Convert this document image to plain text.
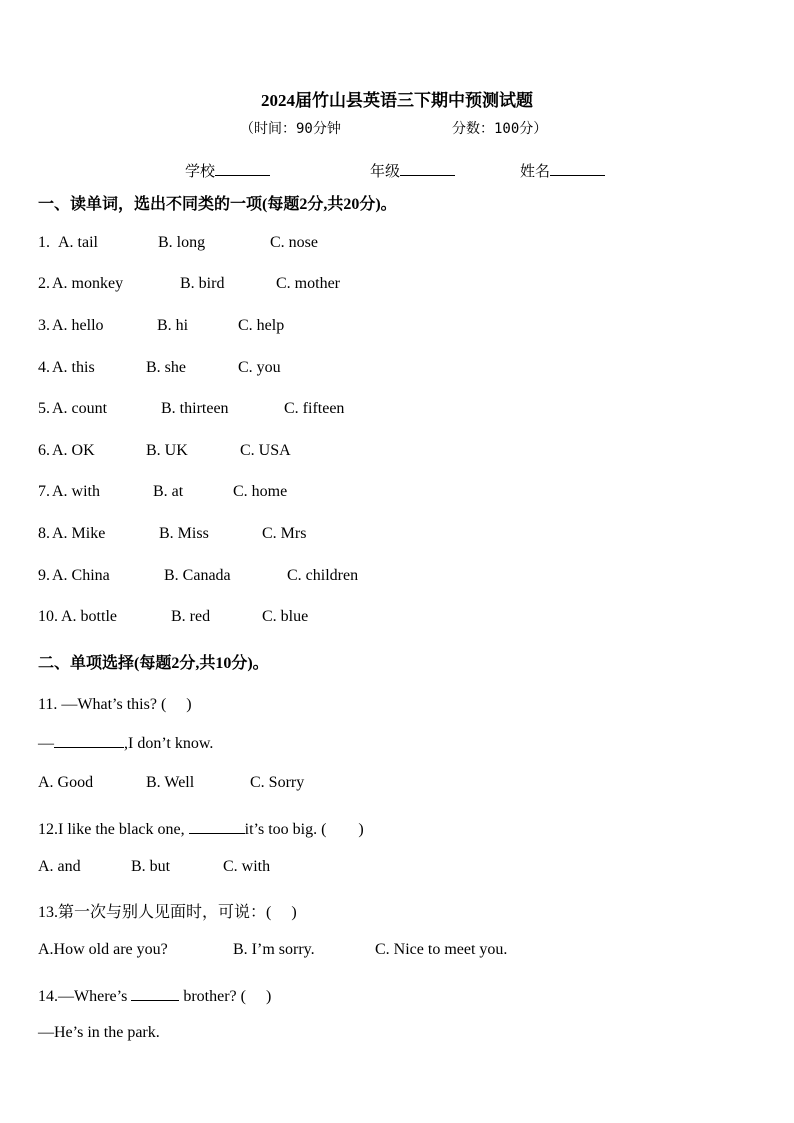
2024届竹山县英语三下期中预测试题
（时间：90分钟	分数：100分）
学校	年级	姓名
一、读单词，选出不同类的一项(每题2分,共20分)。
1. A. tail	B. long	C. nose
2. A. monkey	B. bird	C. mother
3. A. hello	B. hi	C. help
4. A. this	B. she	C. you
5. A. count	B. thirteen	C. fifteen
6. A. OK	B. UK	C. USA
7. A. with	B. at	C. home
8. A. Mike	B. Miss	C. Mrs
9. A. China	B. Canada	C. children
10. A. bottle	B. red	C. blue
二、单项选择(每题2分,共10分)。
11. —What’s this? (　 )
—	,I don’t know.
A. Good	B. Well	C. Sorry
12.I like the black one,	it’s too big. (　　)
A. and	B. but	C. with
13.第一次与别人见面时，可说：(　 )
A.How old are you?	B. I’m sorry.	C. Nice to meet you.
14.—Where’s	brother? (　 )
—He’s in the park.
